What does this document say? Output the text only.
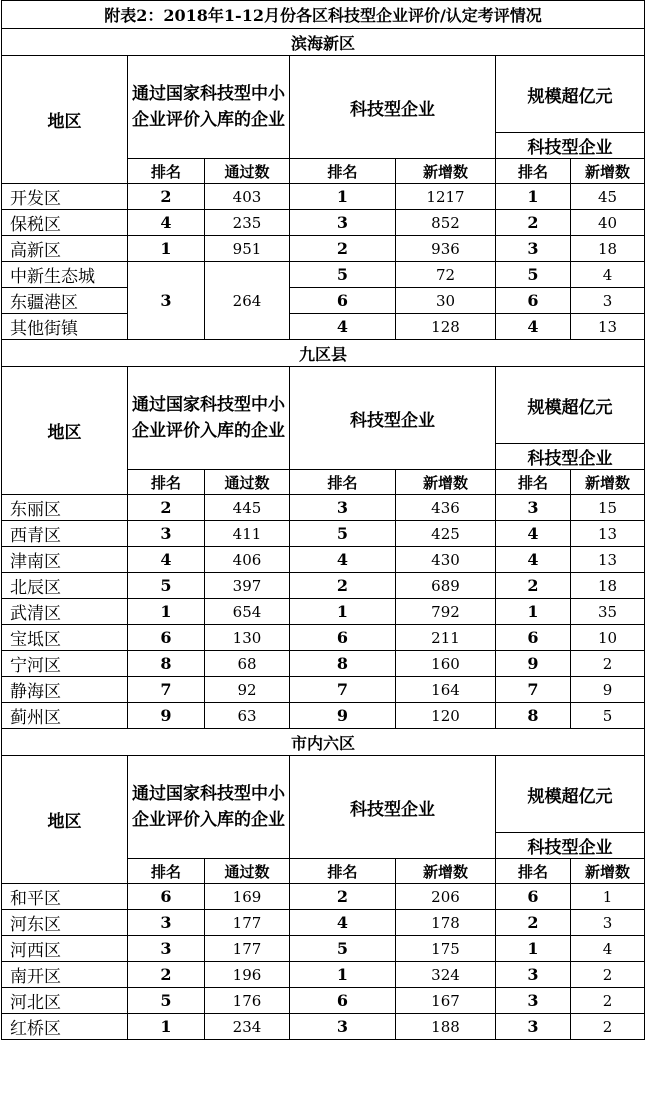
附表2：2018年1-12月份各区科技型企业评价/认定考评情况						
滨海新区						
地区	通过国家科技型中小企业评价入库的企业		科技型企业		规模超亿元	
					科技型企业	
	排名	通过数	排名	新增数	排名	新增数
开发区	2	403	1	1217	1	45
保税区	4	235	3	852	2	40
高新区	1	951	2	936	3	18
中新生态城	3	264	5	72	5	4
东疆港区			6	30	6	3
其他街镇			4	128	4	13
九区县						
地区	通过国家科技型中小企业评价入库的企业		科技型企业		规模超亿元	
					科技型企业	
	排名	通过数	排名	新增数	排名	新增数
东丽区	2	445	3	436	3	15
西青区	3	411	5	425	4	13
津南区	4	406	4	430	4	13
北辰区	5	397	2	689	2	18
武清区	1	654	1	792	1	35
宝坻区	6	130	6	211	6	10
宁河区	8	68	8	160	9	2
静海区	7	92	7	164	7	9
蓟州区	9	63	9	120	8	5
市内六区						
地区	通过国家科技型中小企业评价入库的企业		科技型企业		规模超亿元	
					科技型企业	
	排名	通过数	排名	新增数	排名	新增数
和平区	6	169	2	206	6	1
河东区	3	177	4	178	2	3
河西区	3	177	5	175	1	4
南开区	2	196	1	324	3	2
河北区	5	176	6	167	3	2
红桥区	1	234	3	188	3	2
